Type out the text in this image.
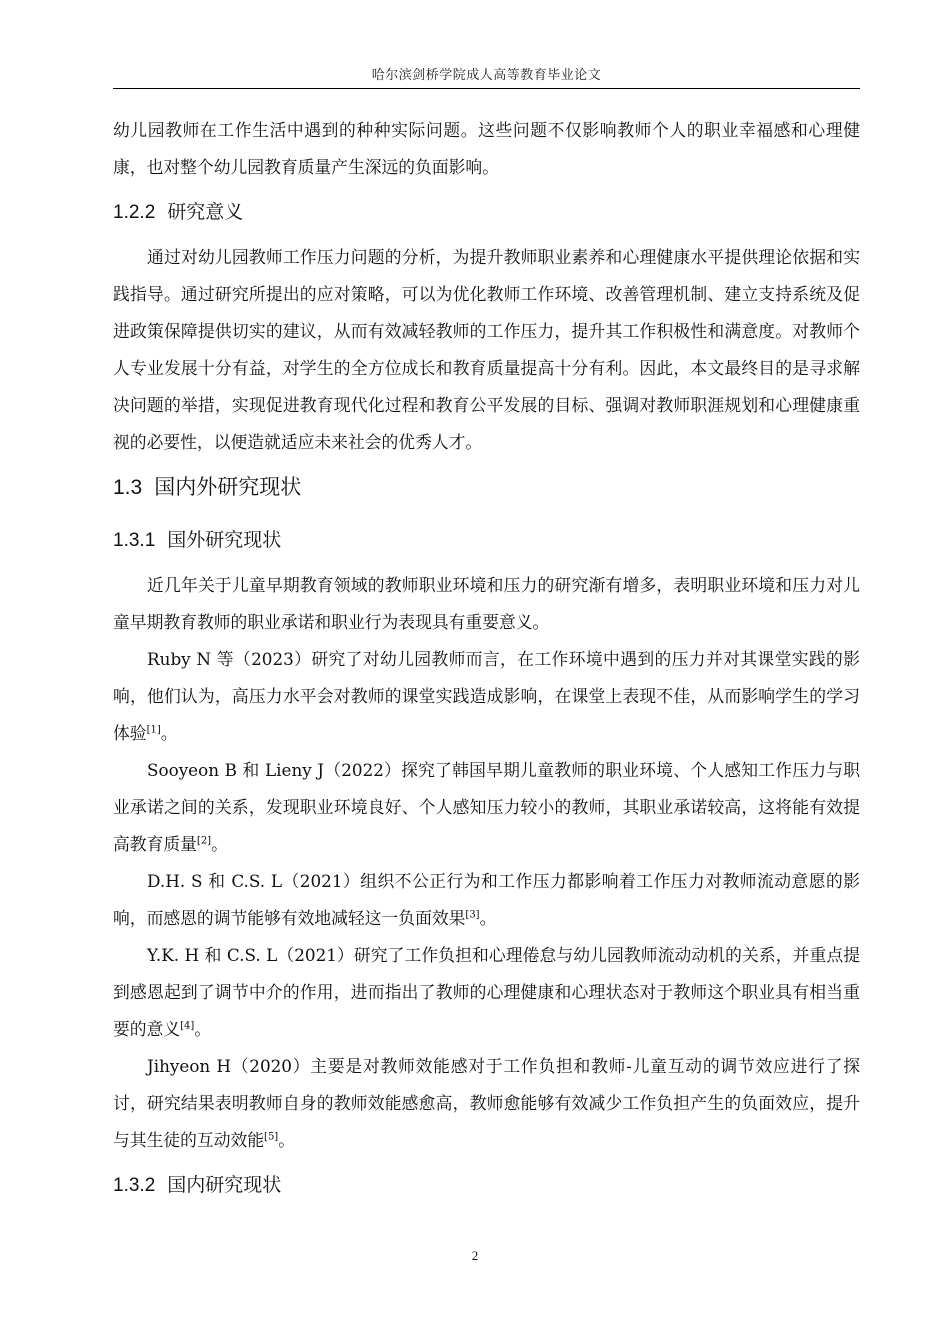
哈尔滨剑桥学院成人高等教育毕业论文

幼儿园教师在工作生活中遇到的种种实际问题。这些问题不仅影响教师个人的职业幸福感和心理健康，也对整个幼儿园教育质量产生深远的负面影响。

1.2.2 研究意义

通过对幼儿园教师工作压力问题的分析，为提升教师职业素养和心理健康水平提供理论依据和实践指导。通过研究所提出的应对策略，可以为优化教师工作环境、改善管理机制、建立支持系统及促进政策保障提供切实的建议，从而有效减轻教师的工作压力，提升其工作积极性和满意度。对教师个人专业发展十分有益，对学生的全方位成长和教育质量提高十分有利。因此，本文最终目的是寻求解决问题的举措，实现促进教育现代化过程和教育公平发展的目标、强调对教师职涯规划和心理健康重视的必要性，以便造就适应未来社会的优秀人才。

1.3 国内外研究现状
1.3.1 国外研究现状

近几年关于儿童早期教育领域的教师职业环境和压力的研究渐有增多，表明职业环境和压力对儿童早期教育教师的职业承诺和职业行为表现具有重要意义。

Ruby N 等（2023）研究了对幼儿园教师而言，在工作环境中遇到的压力并对其课堂实践的影响，他们认为，高压力水平会对教师的课堂实践造成影响，在课堂上表现不佳，从而影响学生的学习体验[1]。

Sooyeon B 和 Lieny J（2022）探究了韩国早期儿童教师的职业环境、个人感知工作压力与职业承诺之间的关系，发现职业环境良好、个人感知压力较小的教师，其职业承诺较高，这将能有效提高教育质量[2]。

D.H. S 和 C.S. L（2021）组织不公正行为和工作压力都影响着工作压力对教师流动意愿的影响，而感恩的调节能够有效地减轻这一负面效果[3]。

Y.K. H 和 C.S. L（2021）研究了工作负担和心理倦怠与幼儿园教师流动动机的关系，并重点提到感恩起到了调节中介的作用，进而指出了教师的心理健康和心理状态对于教师这个职业具有相当重要的意义[4]。

Jihyeon H（2020）主要是对教师效能感对于工作负担和教师-儿童互动的调节效应进行了探讨，研究结果表明教师自身的教师效能感愈高，教师愈能够有效减少工作负担产生的负面效应，提升与其生徒的互动效能[5]。

1.3.2 国内研究现状
2
